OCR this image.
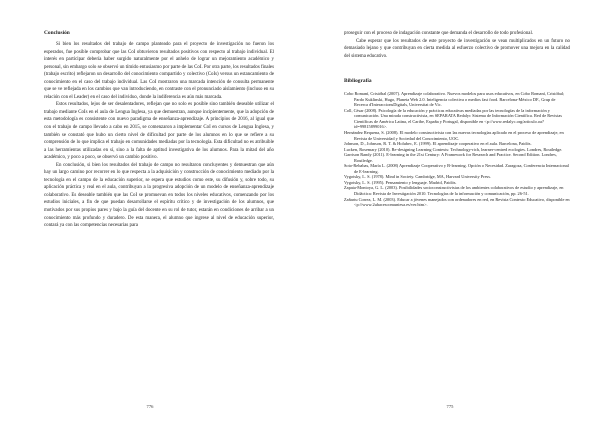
Conclusión

Si bien los resultados del trabajo de campo planteado para el proyecto de investigación no fueron los esperados, fue posible comprobar que las CoI obtuvieron resultados positivos con respecto al trabajo individual. El interés en participar debería haber surgido naturalmente por el anhelo de lograr un mejoramiento académico y personal, sin embargo solo se observó un tímido entusiasmo por parte de las CoI. Por otra parte, los resultados finales (trabajo escrito) reflejaron un desarrollo del conocimiento compartido y colectivo (CoIs) versus un estancamiento de conocimiento en el caso del trabajo individual. Las CoI mostraron una marcada intención de consulta permanente que se ve reflejada en los cambios que van introduciendo, en contraste con el pronunciado aislamiento (incluso en su relación con el Leader) en el caso del individuo, donde la indiferencia es aún más marcada.

Estos resultados, lejos de ser desalentadores, reflejan que no solo es posible sino también deseable utilizar el trabajo mediante CoIs en el aula de Lengua Inglesa, ya que demuestran, aunque incipientemente, que la adopción de esta metodología es consistente con nuevo paradigma de enseñanza-aprendizaje. A principios de 2016, al igual que con el trabajo de campo llevado a cabo en 2015, se comenzaron a implementar CoI en cursos de Lengua Inglesa, y también se constató que hubo un cierto nivel de dificultad por parte de los alumnos en lo que se refiere a su comprensión de lo que implica el trabajo en comunidades mediadas por la tecnología. Esta dificultad no es atribuible a las herramientas utilizadas en sí, sino a la falta de aptitud investigativa de los alumnos. Para la mitad del año académico, y poco a poco, se observó un cambio positivo.

En conclusión, si bien los resultados del trabajo de campo no resultaron concluyentes y demuestran que aún hay un largo camino por recorrer en lo que respecta a la adquisición y construcción de conocimiento mediado por la tecnología en el campo de la educación superior, se espera que estudios como este, su difusión y, sobre todo, su aplicación práctica y real en el aula, contribuyan a la progresiva adopción de un modelo de enseñanza-aprendizaje colaborativo. Es deseable también que las CoI se promuevan en todos los niveles educativos, comenzando por los estudios iniciales, a fin de que puedan desarrollarse el espíritu crítico y de investigación de los alumnos, que motivados por sus propios pares y bajo la guía del docente en su rol de tutor, estarán en condiciones de arribar a un conocimiento más profundo y duradero. De esta manera, el alumno que ingrese al nivel de educación superior, contará ya con las competencias necesarias para

776

proseguir con el proceso de indagación constante que demanda el desarrollo de todo profesional.

Cabe esperar que los resultados de este proyecto de investigación se vean multiplicados en un futuro no demasiado lejano y que contribuyan en cierta medida al esfuerzo colectivo de promover una mejora en la calidad del sistema educativo.

Bibliografía

Cobo Romaní, Cristóbal (2007). Aprendizaje colaborativo. Nuevos modelos para usos educativos, en Cobo Romaní, Cristóbal; Pardo Kuklinski, Hugo, Planeta Web 2.0. Inteligencia colectiva o medios fast food. Barcelona-México DF., Grup de Recerca d'InteraccionsDigitals, Universitat de Vic.

Coll, César (2008). Psicología de la educación y prácticas educativas mediadas por las tecnologías de la información y comunicación. Una mirada constructivista, en SEPARATA Redalyc Sistema de Información Científica. Red de Revistas Científicas de América Latina, el Caribe, España y Portugal, disponible en <p://www.redalyc.org/articulo.oa?id=99815899016>.

Hernández Requena, S. (2008). El modelo constructivista con las nuevas tecnologías aplicado en el proceso de aprendizaje, en Revista de Universidad y Sociedad del Conocimiento, UOC.

Johnson, D., Johnson, R. T. & Holubec, E. (1999). El aprendizaje cooperativo en el aula. Barcelona, Paidós.

Lucken, Rosemary (2010). Re-designing Learning Contexts: Technology-rich, learner-centred ecologies. Londres, Routledge.

Garrison Randy (2011). E-learning in the 21st Century: A Framework for Research and Practice. Second Edition. Londres, Routledge.

Soto-Rebabas, María L. (2008) Aprendizaje Cooperativo y B-learning. Opción o Necesidad. Zaragoza, Conferencia Internacional de E-learning.

Vygotsky, L. S. (1978). Mind in Society. Cambridge, MA, Harvard University Press.

Vygotsky, L. S. (1995). Pensamiento y lenguaje. Madrid, Paidós.

Zapata-Montoya, G. L. (2003). Posibilidades socioconstructivistas de los ambientes colaborativos de estudio y aprendizaje, en Didáctica: Revista de Investigación 2010. Tecnologías de la información y comunicación, pp. 26-51.

Zañartu Correa, L. M. (2003). Educar a jóvenes manejados con ordenadores en red, en Revista Contexto Educativo, disponible en <p://www.2uhacescomuniesa.es/ver.htm>.

775
